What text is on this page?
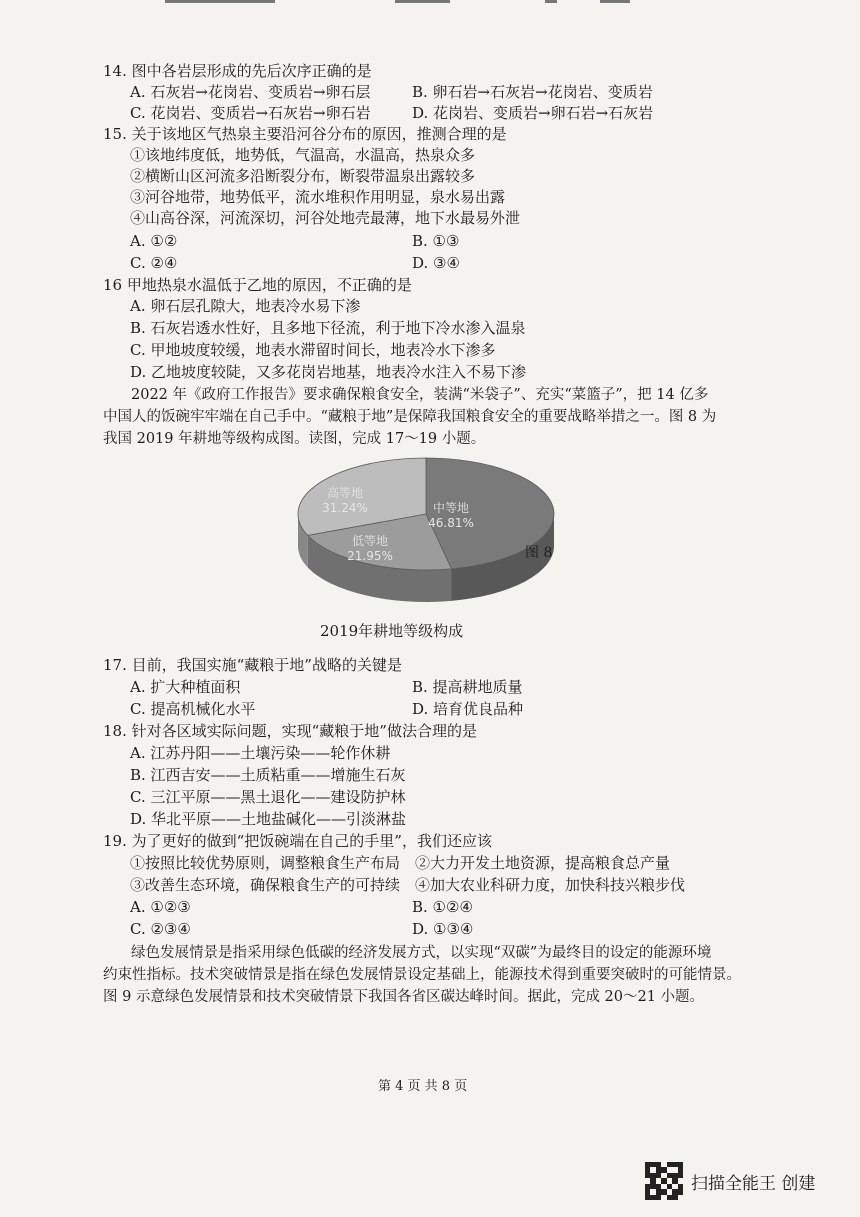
14. 图中各岩层形成的先后次序正确的是
A. 石灰岩→花岗岩、变质岩→卵石层	B. 卵石岩→石灰岩→花岗岩、变质岩
C. 花岗岩、变质岩→石灰岩→卵石岩	D. 花岗岩、变质岩→卵石岩→石灰岩
15. 关于该地区气热泉主要沿河谷分布的原因，推测合理的是
①该地纬度低，地势低，气温高，水温高，热泉众多
②横断山区河流多沿断裂分布，断裂带温泉出露较多
③河谷地带，地势低平，流水堆积作用明显，泉水易出露
④山高谷深，河流深切，河谷处地壳最薄，地下水最易外泄
A. ①②	B. ①③
C. ②④	D. ③④
16 甲地热泉水温低于乙地的原因，不正确的是
A. 卵石层孔隙大，地表冷水易下渗
B. 石灰岩透水性好，且多地下径流，利于地下冷水渗入温泉
C. 甲地坡度较缓，地表水滞留时间长，地表冷水下渗多
D. 乙地坡度较陡，又多花岗岩地基，地表冷水注入不易下渗

2022 年《政府工作报告》要求确保粮食安全，装满“米袋子”、充实“菜篮子”，把 14 亿多

中国人的饭碗牢牢端在自己手中。“藏粮于地”是保障我国粮食安全的重要战略举措之一。图 8 为

我国 2019 年耕地等级构成图。读图，完成 17～19 小题。

高等地
31.24%	中等地
46.81%
低等地
21.95%	图 8
2019年耕地等级构成
17. 目前，我国实施“藏粮于地”战略的关键是
A. 扩大种植面积	B. 提高耕地质量
C. 提高机械化水平	D. 培育优良品种
18. 针对各区域实际问题，实现“藏粮于地”做法合理的是
A. 江苏丹阳——土壤污染——轮作休耕
B. 江西吉安——土质粘重——增施生石灰
C. 三江平原——黑土退化——建设防护林
D. 华北平原——土地盐碱化——引淡淋盐
19. 为了更好的做到“把饭碗端在自己的手里”，我们还应该
①按照比较优势原则，调整粮食生产布局 ②大力开发土地资源，提高粮食总产量
③改善生态环境，确保粮食生产的可持续 ④加大农业科研力度，加快科技兴粮步伐
A. ①②③	B. ①②④
C. ②③④	D. ①③④

绿色发展情景是指采用绿色低碳的经济发展方式，以实现“双碳”为最终目的设定的能源环境

约束性指标。技术突破情景是指在绿色发展情景设定基础上，能源技术得到重要突破时的可能情景。

图 9 示意绿色发展情景和技术突破情景下我国各省区碳达峰时间。据此，完成 20～21 小题。

第 4 页 共 8 页
扫描全能王 创建
